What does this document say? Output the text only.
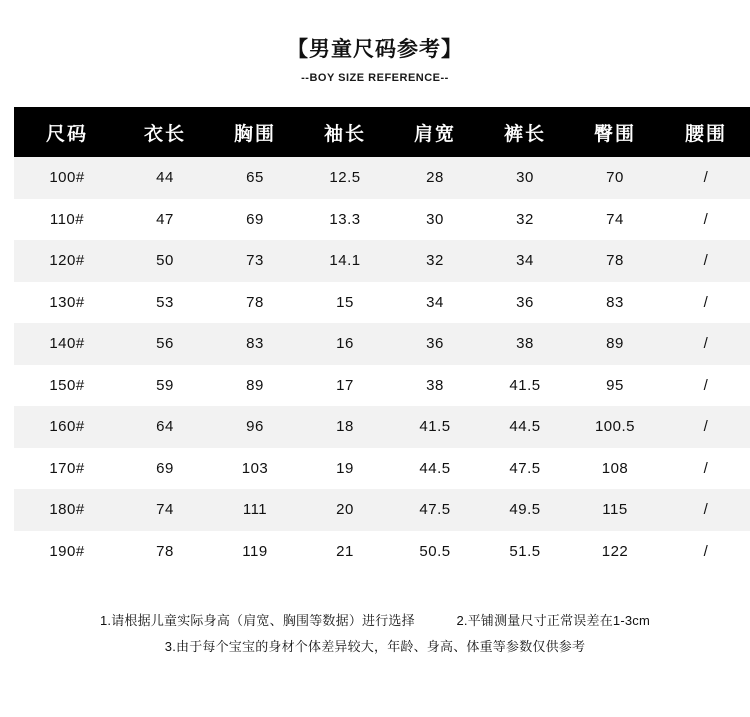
【男童尺码参考】
--BOY SIZE REFERENCE--
尺码	衣长	胸围	袖长	肩宽	裤长	臀围	腰围
100#	44	65	12.5	28	30	70	/
110#	47	69	13.3	30	32	74	/
120#	50	73	14.1	32	34	78	/
130#	53	78	15	34	36	83	/
140#	56	83	16	36	38	89	/
150#	59	89	17	38	41.5	95	/
160#	64	96	18	41.5	44.5	100.5	/
170#	69	103	19	44.5	47.5	108	/
180#	74	111	20	47.5	49.5	115	/
190#	78	119	21	50.5	51.5	122	/
1.请根据儿童实际身高（肩宽、胸围等数据）进行选择	2.平铺测量尺寸正常误差在1-3cm
3.由于每个宝宝的身材个体差异较大，年龄、身高、体重等参数仅供参考
